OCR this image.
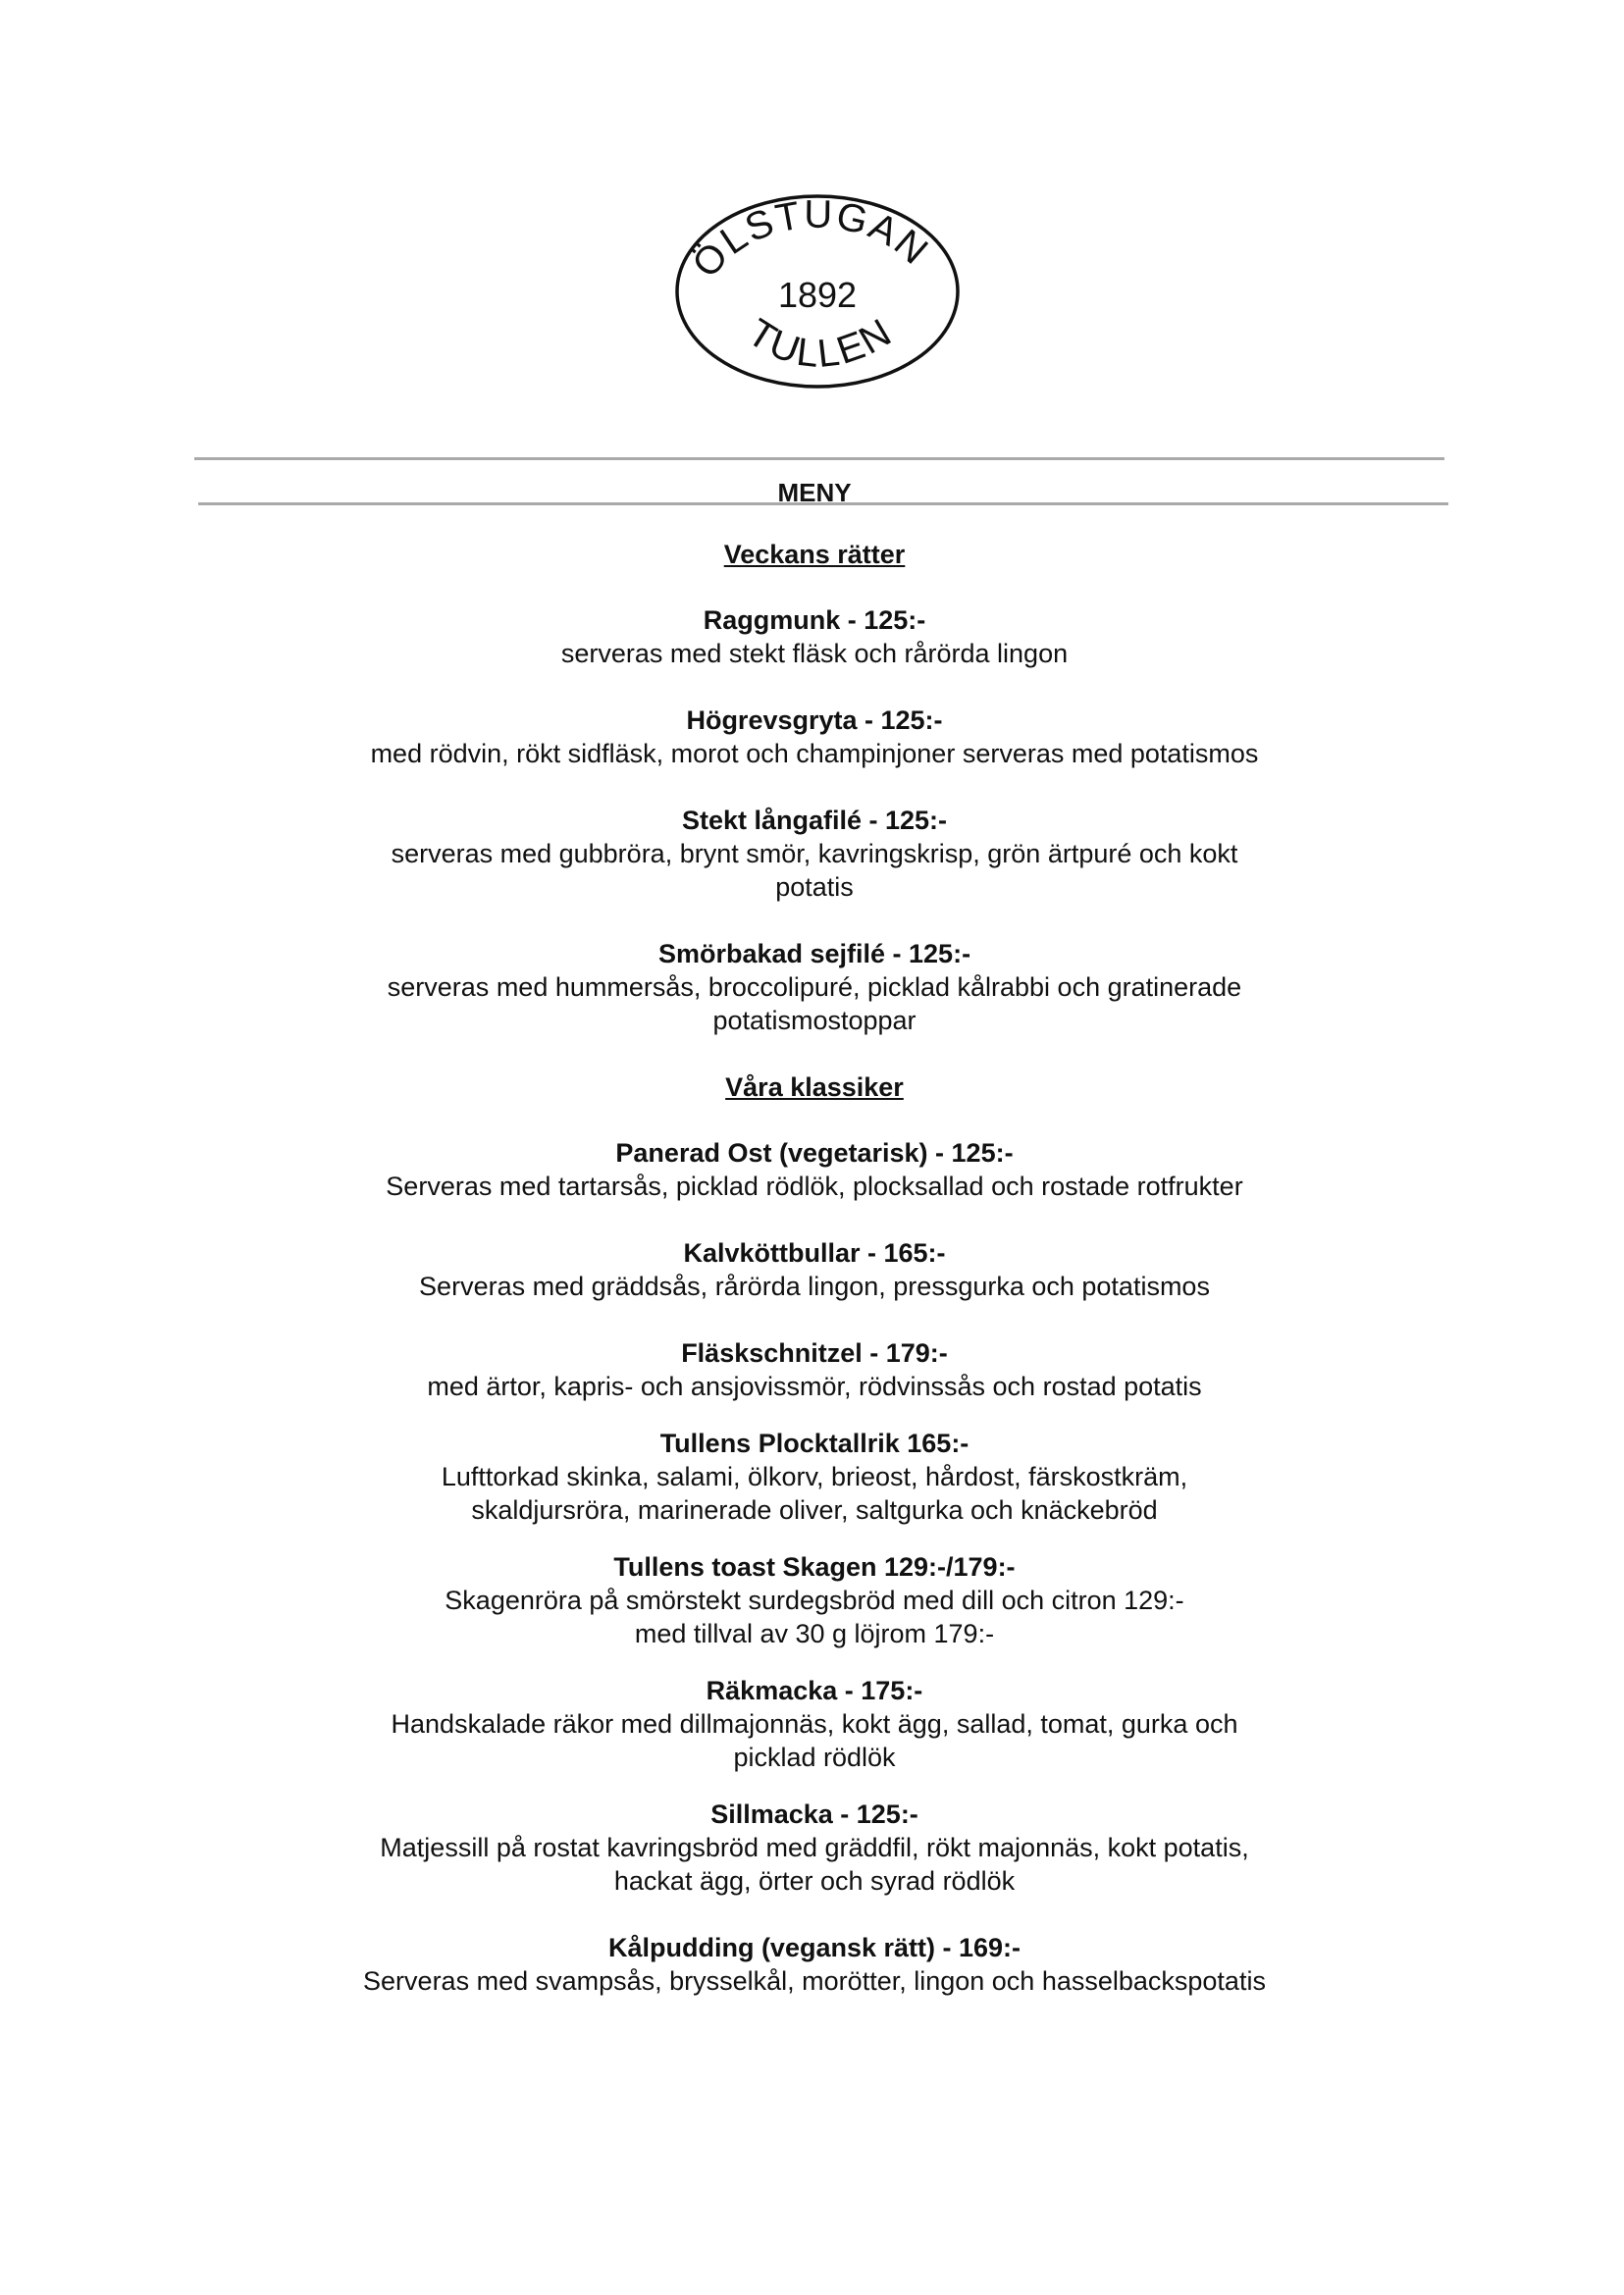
ÖLSTUGAN
1892
TULLEN
MENY
Veckans rätter
Raggmunk - 125:-
serveras med stekt fläsk och rårörda lingon
Högrevsgryta - 125:-
med rödvin, rökt sidfläsk, morot och champinjoner serveras med potatismos
Stekt långafilé - 125:-
serveras med gubbröra, brynt smör, kavringskrisp, grön ärtpuré och kokt
potatis
Smörbakad sejfilé - 125:-
serveras med hummersås, broccolipuré, picklad kålrabbi och gratinerade
potatismostoppar
Våra klassiker
Panerad Ost (vegetarisk) - 125:-
Serveras med tartarsås, picklad rödlök, plocksallad och rostade rotfrukter
Kalvköttbullar - 165:-
Serveras med gräddsås, rårörda lingon, pressgurka och potatismos
Fläskschnitzel - 179:-
med ärtor, kapris- och ansjovissmör, rödvinssås och rostad potatis
Tullens Plocktallrik 165:-
Lufttorkad skinka, salami, ölkorv, brieost, hårdost, färskostkräm,
skaldjursröra, marinerade oliver, saltgurka och knäckebröd
Tullens toast Skagen 129:-/179:-
Skagenröra på smörstekt surdegsbröd med dill och citron 129:-
med tillval av 30 g löjrom 179:-
Räkmacka - 175:-
Handskalade räkor med dillmajonnäs, kokt ägg, sallad, tomat, gurka och
picklad rödlök
Sillmacka - 125:-
Matjessill på rostat kavringsbröd med gräddfil, rökt majonnäs, kokt potatis,
hackat ägg, örter och syrad rödlök
Kålpudding (vegansk rätt) - 169:-
Serveras med svampsås, brysselkål, morötter, lingon och hasselbackspotatis
